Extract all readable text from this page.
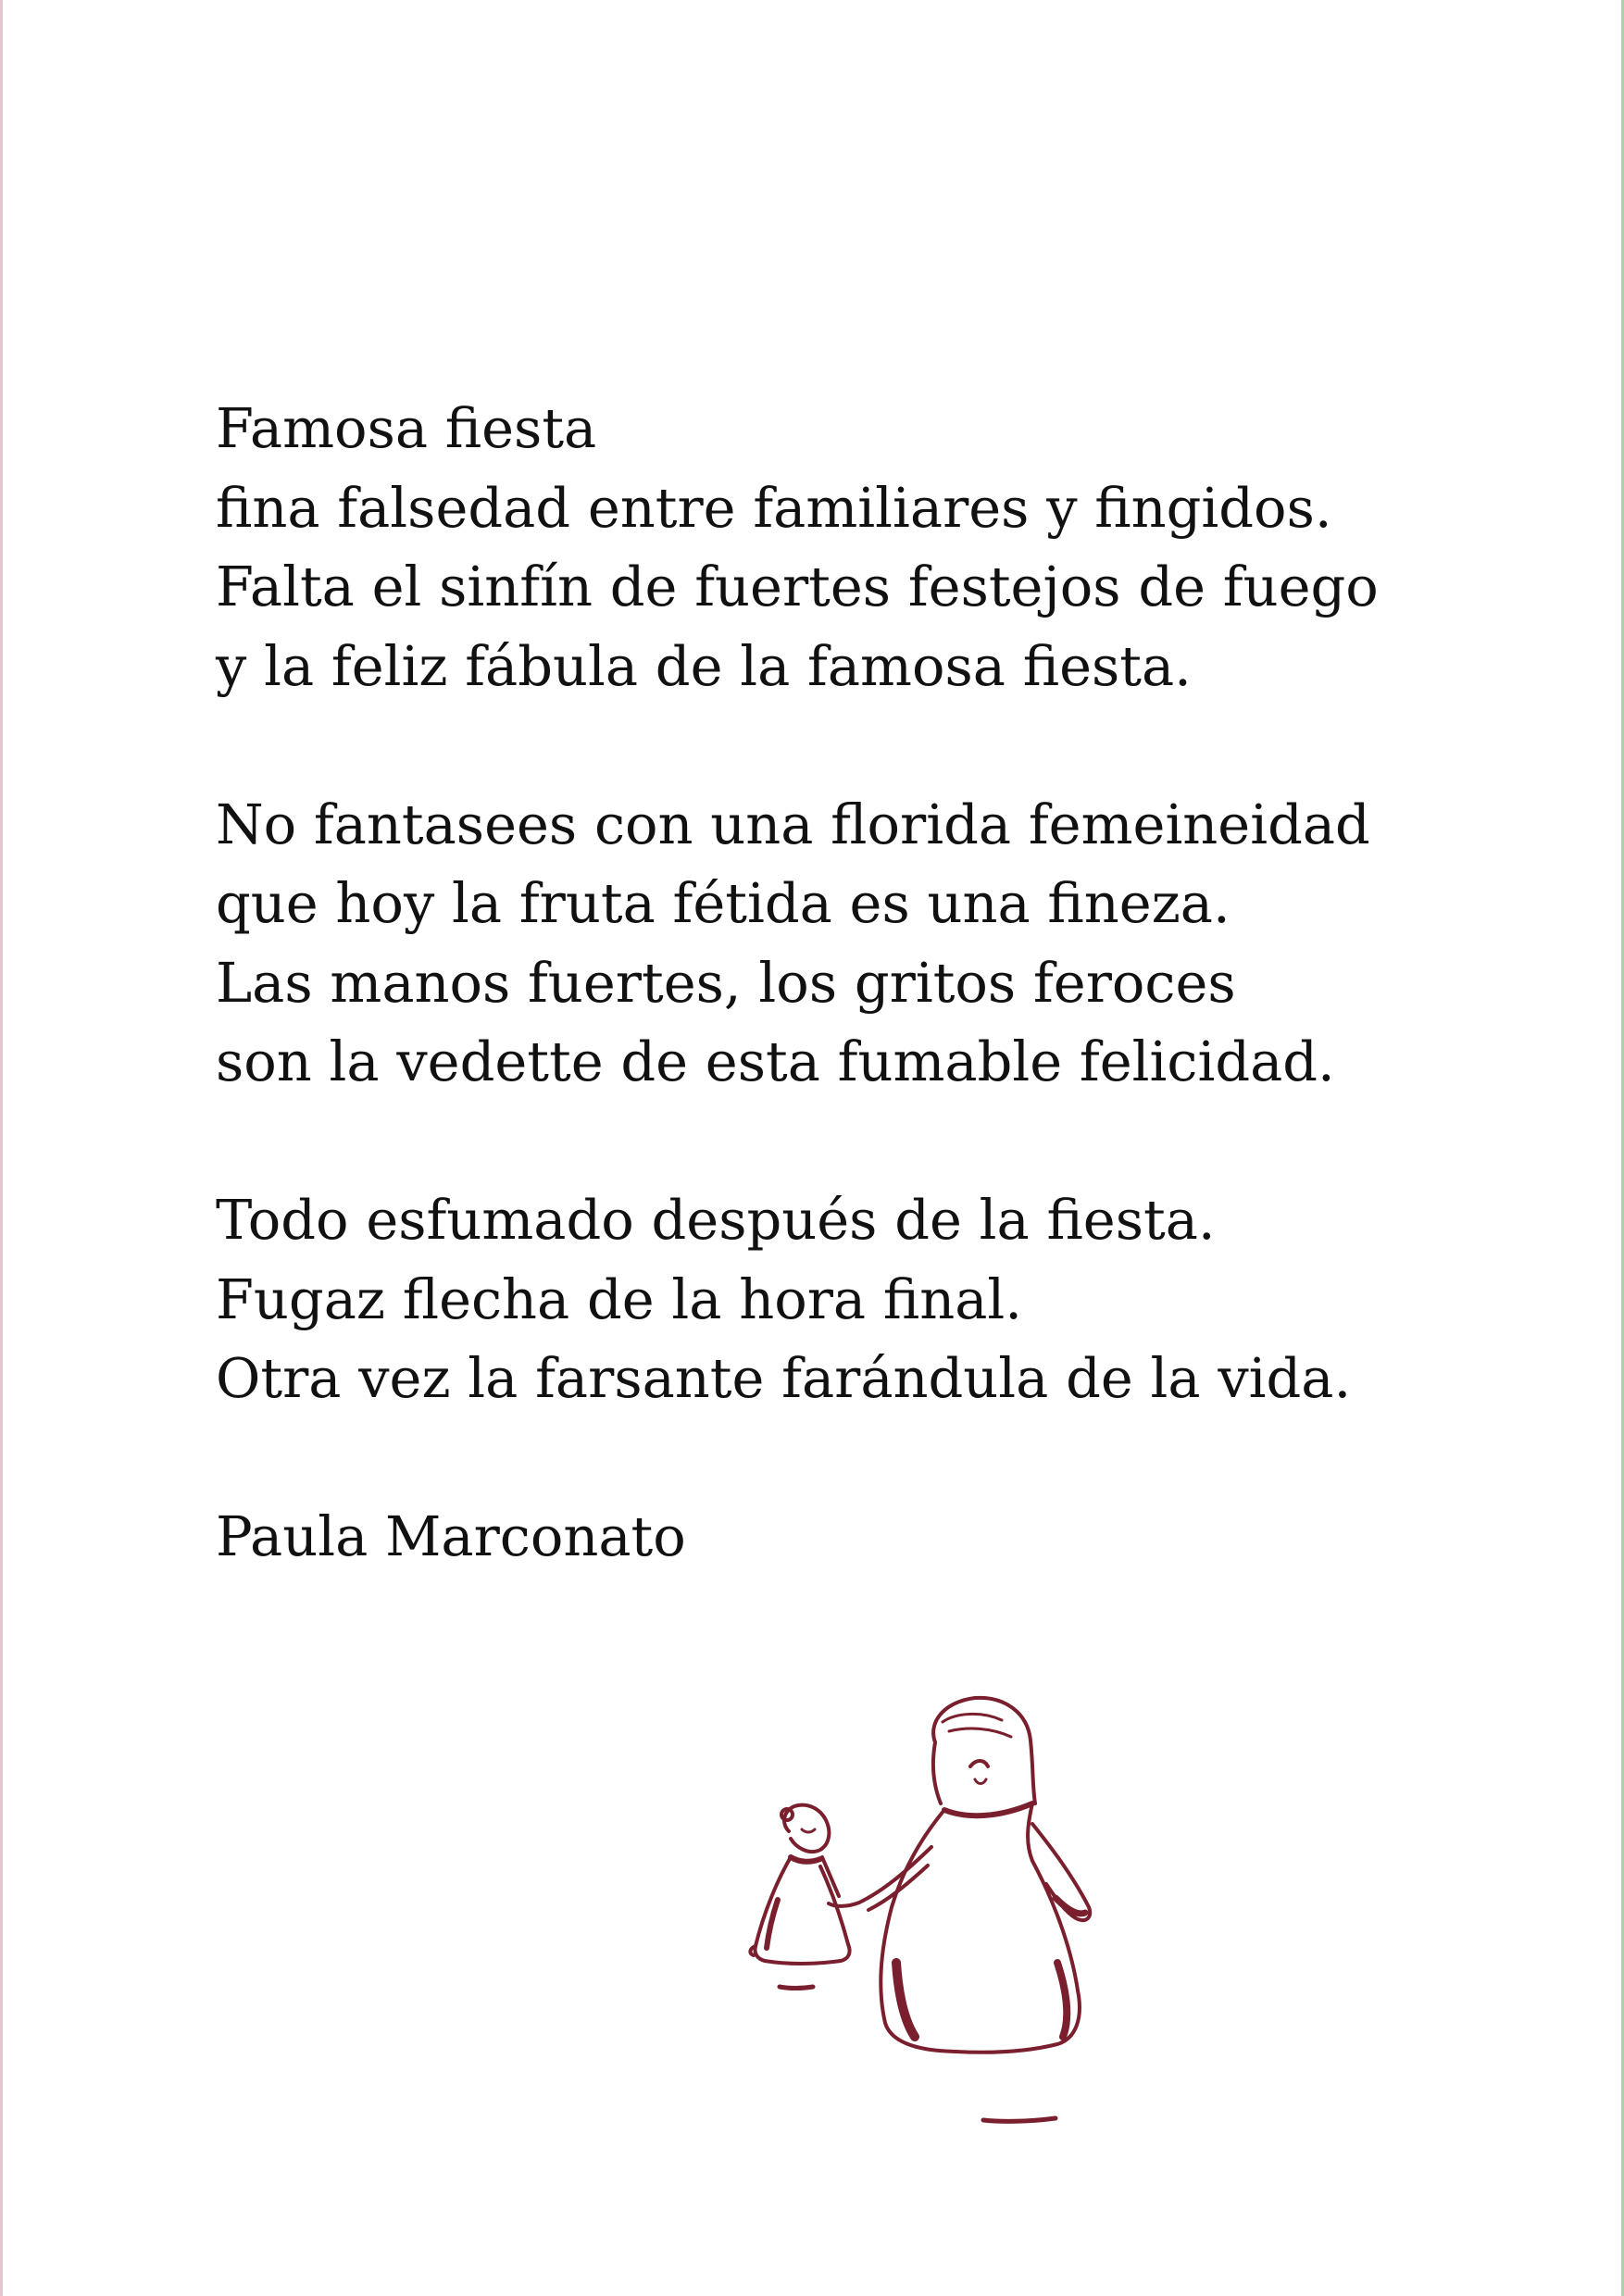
Famosa fiesta
fina falsedad entre familiares y fingidos.
Falta el sinfín de fuertes festejos de fuego
y la feliz fábula de la famosa fiesta.
No fantasees con una florida femeineidad
que hoy la fruta fétida es una fineza.
Las manos fuertes, los gritos feroces
son la vedette de esta fumable felicidad.
Todo esfumado después de la fiesta.
Fugaz flecha de la hora final.
Otra vez la farsante farándula de la vida.
Paula Marconato
